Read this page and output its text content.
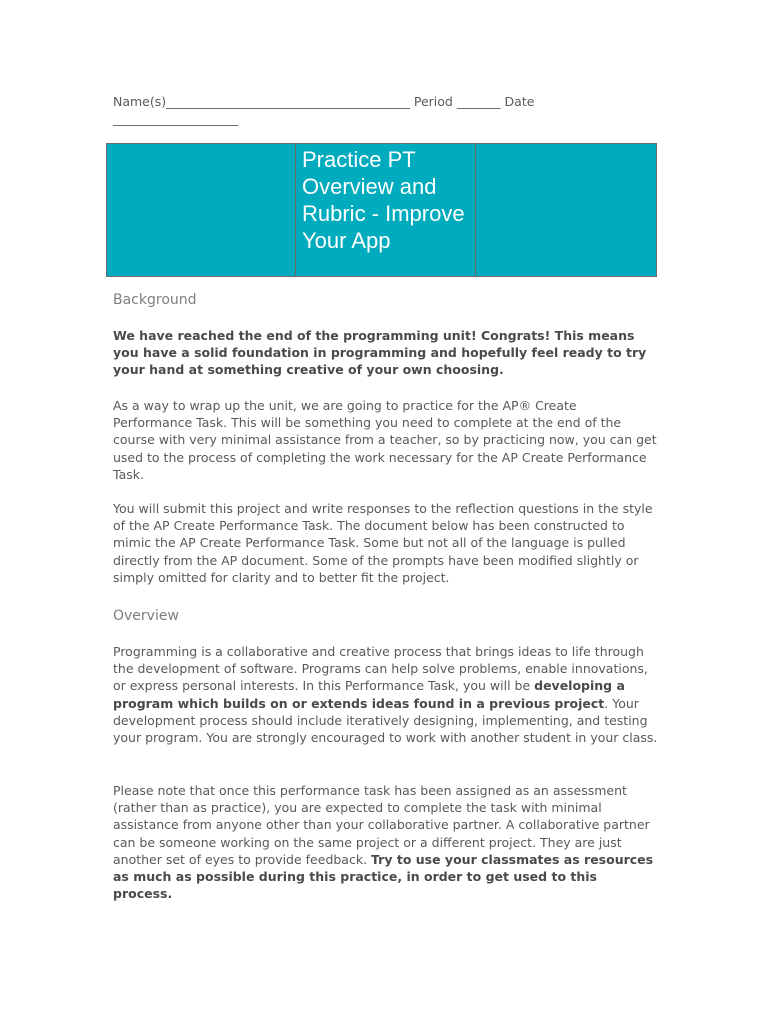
Name(s)_______________________________________ Period _______ Date ____________________

Practice PT Overview and Rubric - Improve Your App

Background

We have reached the end of the programming unit! Congrats! This means you have a solid foundation in programming and hopefully feel ready to try your hand at something creative of your own choosing.

As a way to wrap up the unit, we are going to practice for the AP® Create Performance Task. This will be something you need to complete at the end of the course with very minimal assistance from a teacher, so by practicing now, you can get used to the process of completing the work necessary for the AP Create Performance Task.

You will submit this project and write responses to the reflection questions in the style of the AP Create Performance Task. The document below has been constructed to mimic the AP Create Performance Task. Some but not all of the language is pulled directly from the AP document. Some of the prompts have been modified slightly or simply omitted for clarity and to better fit the project.

Overview

Programming is a collaborative and creative process that brings ideas to life through the development of software. Programs can help solve problems, enable innovations, or express personal interests. In this Performance Task, you will be developing a program which builds on or extends ideas found in a previous project. Your development process should include iteratively designing, implementing, and testing your program. You are strongly encouraged to work with another student in your class.

Please note that once this performance task has been assigned as an assessment (rather than as practice), you are expected to complete the task with minimal assistance from anyone other than your collaborative partner. A collaborative partner can be someone working on the same project or a different project. They are just another set of eyes to provide feedback. Try to use your classmates as resources as much as possible during this practice, in order to get used to this process.
